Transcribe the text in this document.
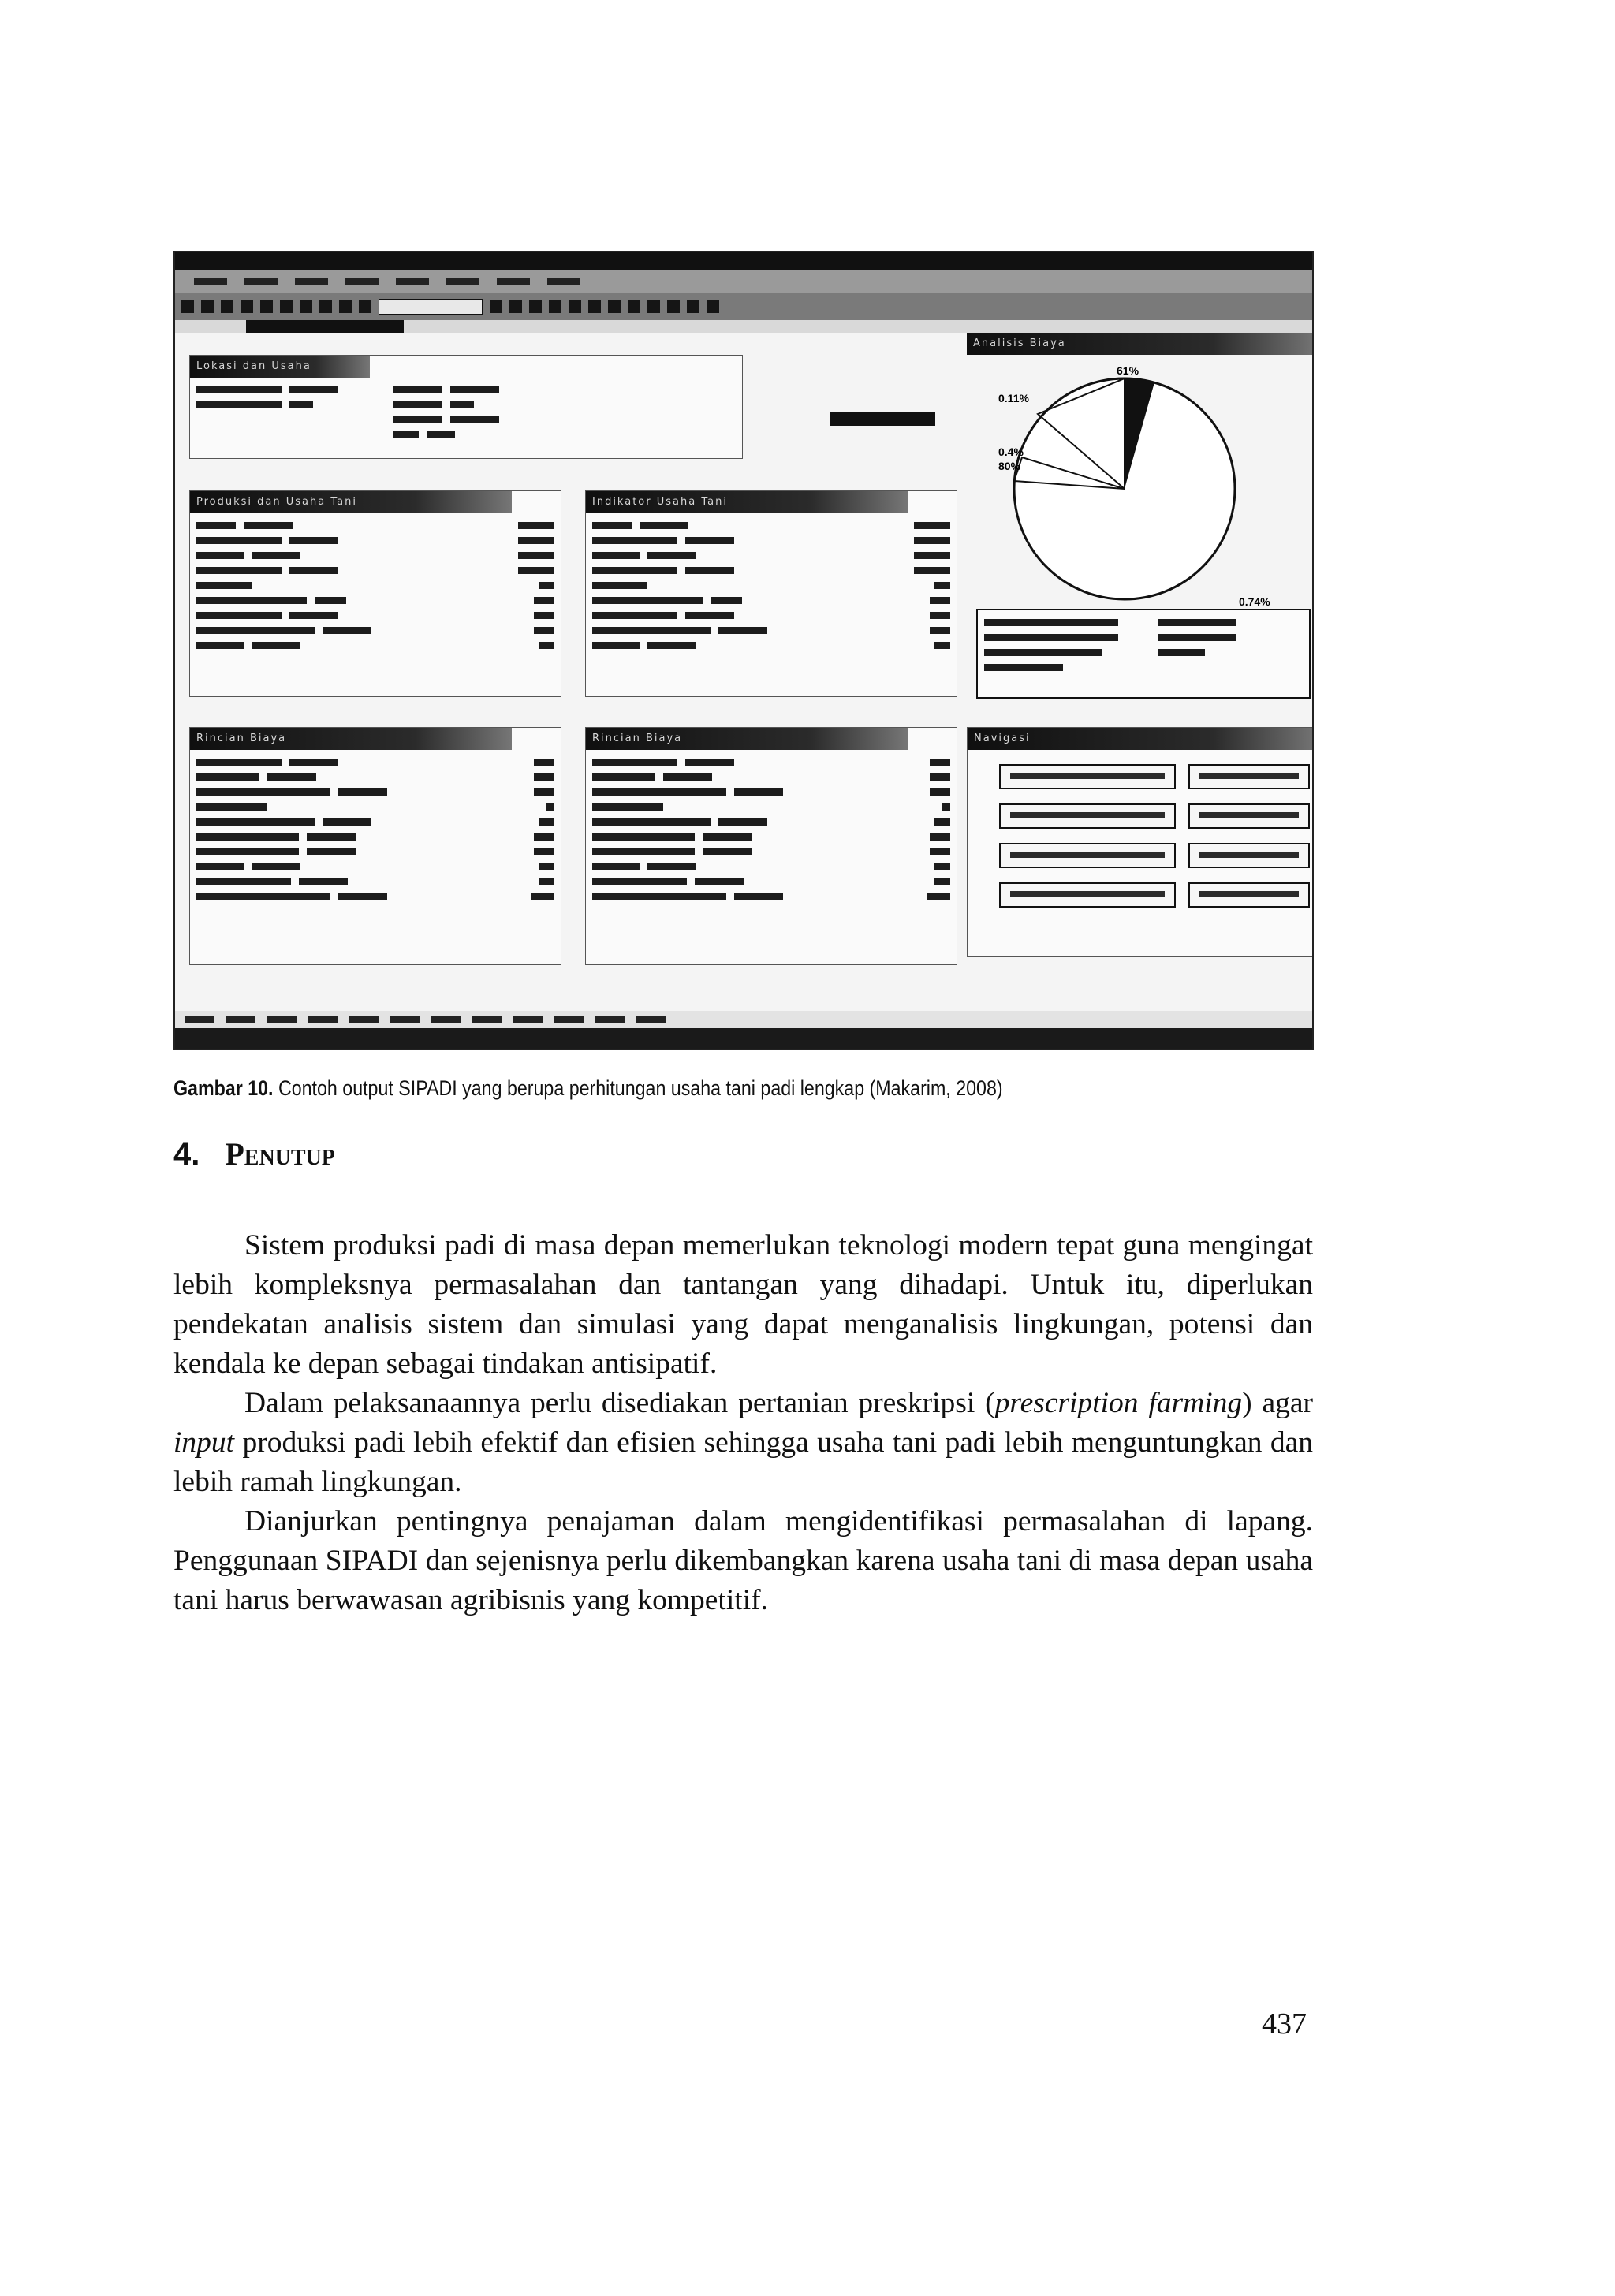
Lokasi dan Usaha
Produksi dan Usaha Tani	Indikator Usaha Tani
Analisis Biaya
61%
0.11%
0.4%
80%
0.74%
Rincian Biaya	Rincian Biaya	Navigasi
Gambar 10. Contoh output SIPADI yang berupa perhitungan usaha tani padi lengkap (Makarim, 2008)
4. Penutup

Sistem produksi padi di masa depan memerlukan teknologi modern tepat guna mengingat lebih kompleksnya permasalahan dan tantangan yang dihadapi. Untuk itu, diperlukan pendekatan analisis sistem dan simulasi yang dapat menganalisis lingkungan, potensi dan kendala ke depan sebagai tindakan antisipatif.

Dalam pelaksanaannya perlu disediakan pertanian preskripsi (prescription farming) agar input produksi padi lebih efektif dan efisien sehingga usaha tani padi lebih menguntungkan dan lebih ramah lingkungan.

Dianjurkan pentingnya penajaman dalam mengidentifikasi permasalahan di lapang. Penggunaan SIPADI dan sejenisnya perlu dikembangkan karena usaha tani di masa depan usaha tani harus berwawasan agribisnis yang kompetitif.

437
